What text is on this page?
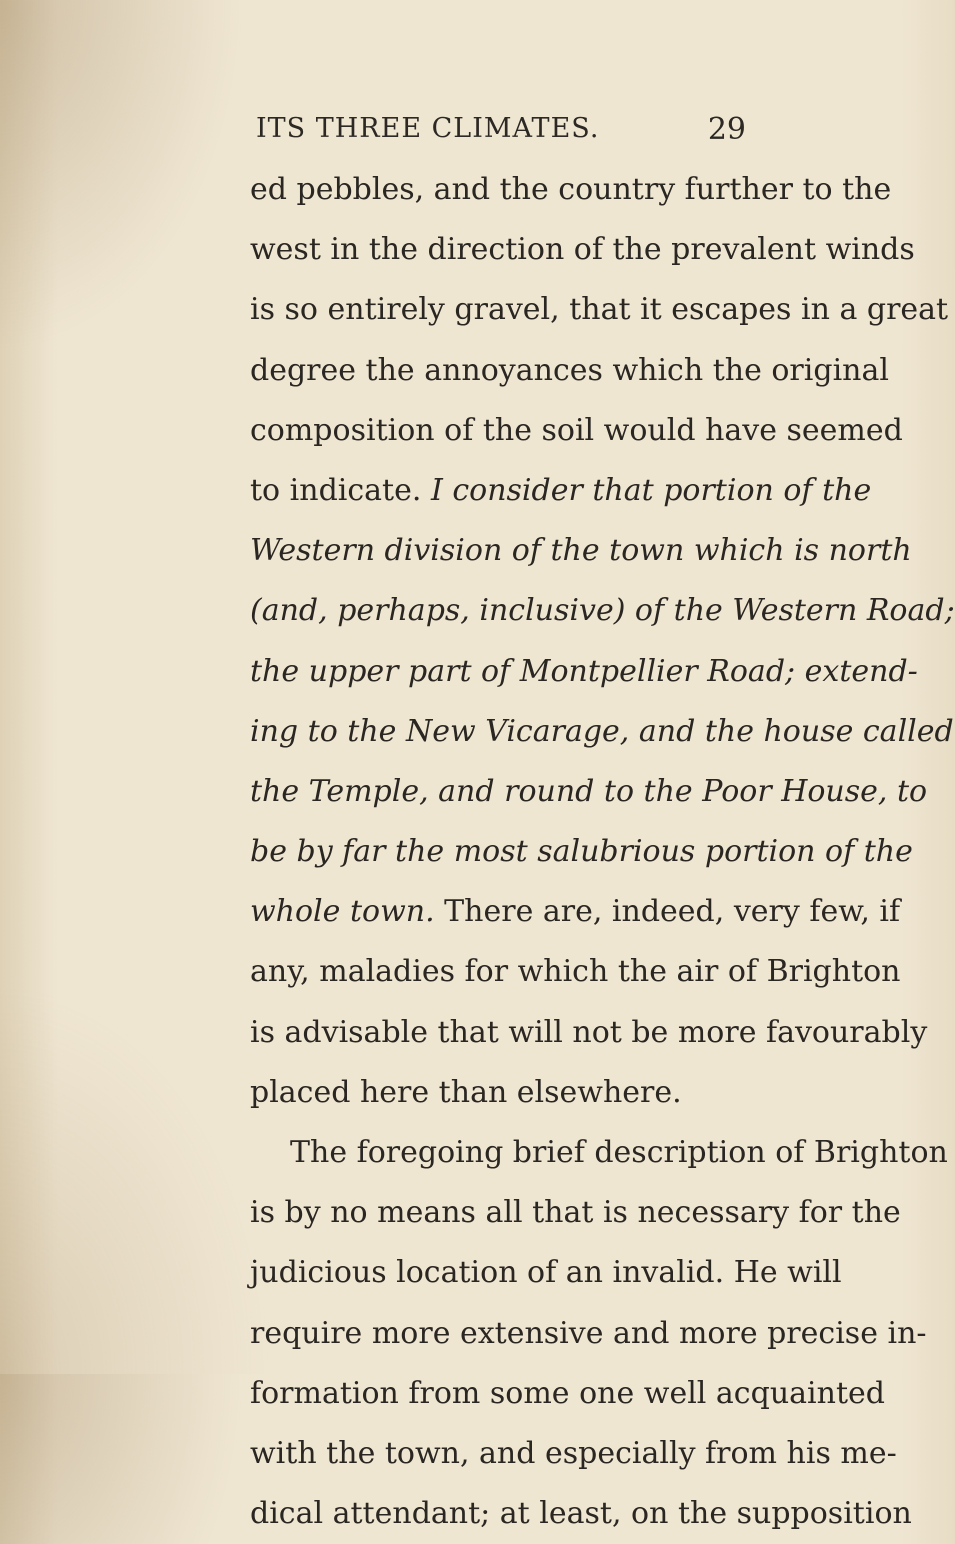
ITS THREE CLIMATES.	29
ed pebbles, and the country further to the
west in the direction of the prevalent winds
is so entirely gravel, that it escapes in a great
degree the annoyances which the original
composition of the soil would have seemed
to indicate. I consider that portion of the
Western division of the town which is north
(and, perhaps, inclusive) of the Western Road;
the upper part of Montpellier Road; extend-
ing to the New Vicarage, and the house called
the Temple, and round to the Poor House, to
be by far the most salubrious portion of the
whole town. There are, indeed, very few, if
any, maladies for which the air of Brighton
is advisable that will not be more favourably
placed here than elsewhere.
The foregoing brief description of Brighton
is by no means all that is necessary for the
judicious location of an invalid. He will
require more extensive and more precise in-
formation from some one well acquainted
with the town, and especially from his me-
dical attendant; at least, on the supposition
